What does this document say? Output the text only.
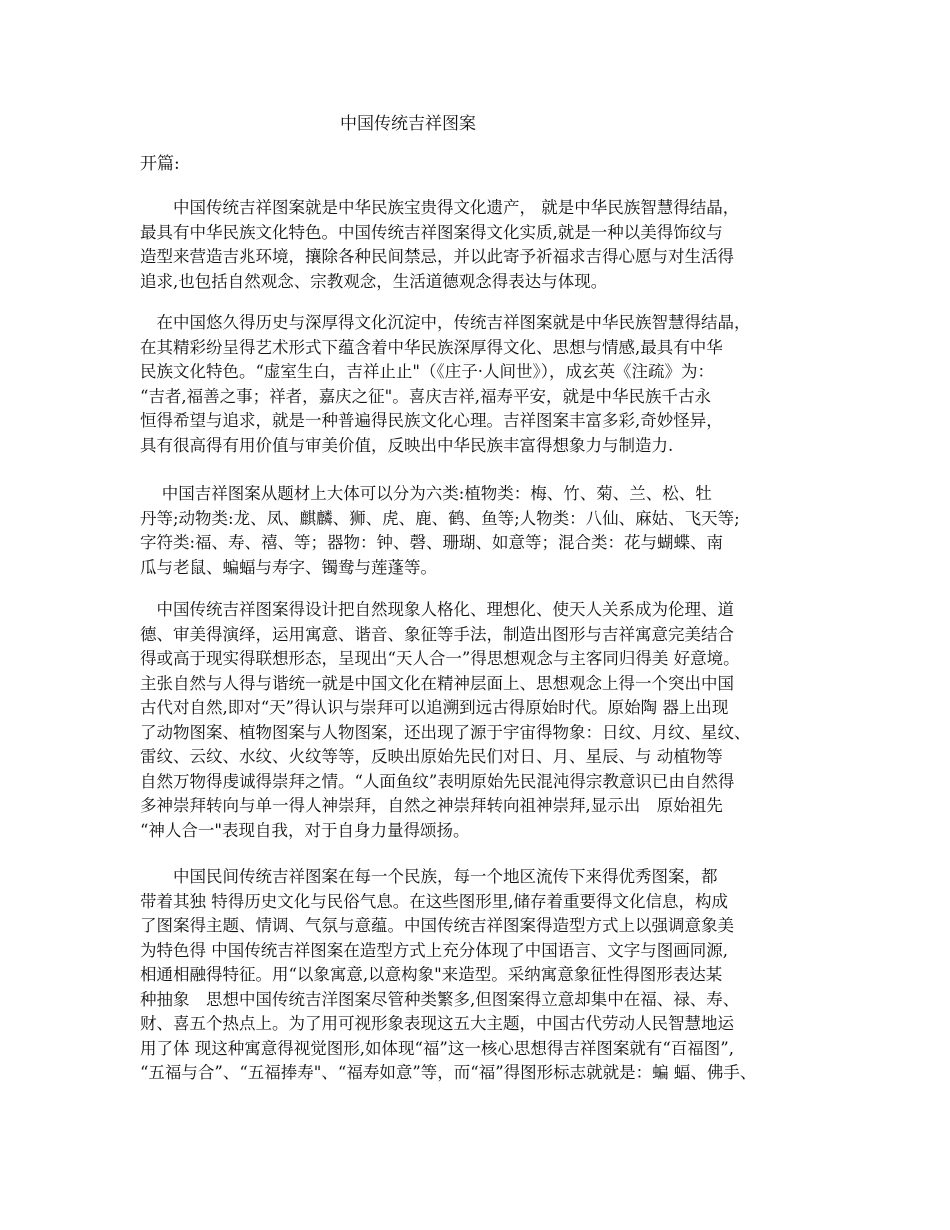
中国传统吉祥图案
开篇:
　　中国传统吉祥图案就是中华民族宝贵得文化遗产， 就是中华民族智慧得结晶，
最具有中华民族文化特色。中国传统吉祥图案得文化实质,就是一种以美得饰纹与
造型来营造吉兆环境，攘除各种民间禁忌，并以此寄予祈福求吉得心愿与对生活得
追求,也包括自然观念、宗教观念，生活道德观念得表达与体现。
　在中国悠久得历史与深厚得文化沉淀中，传统吉祥图案就是中华民族智慧得结晶，
在其精彩纷呈得艺术形式下蕴含着中华民族深厚得文化、思想与情感,最具有中华
民族文化特色。“虚室生白，吉祥止止"（《庄子·人间世》），成玄英《注疏》为：
“吉者,福善之事；祥者，嘉庆之征"。喜庆吉祥,福寿平安，就是中华民族千古永
恒得希望与追求，就是一种普遍得民族文化心理。吉祥图案丰富多彩,奇妙怪异，
具有很高得有用价值与审美价值，反映出中华民族丰富得想象力与制造力.
　 中国吉祥图案从题材上大体可以分为六类:植物类：梅、竹、菊、兰、松、牡
丹等;动物类:龙、凤、麒麟、狮、虎、鹿、鹤、鱼等;人物类：八仙、麻姑、飞天等;
字符类:福、寿、禧、等；器物：钟、磬、珊瑚、如意等；混合类：花与蝴蝶、南
瓜与老鼠、蝙蝠与寿字、镯鸯与莲蓬等。
　中国传统吉祥图案得设计把自然现象人格化、理想化、使天人关系成为伦理、道
德、审美得演绎，运用寓意、谐音、象征等手法，制造出图形与吉祥寓意完美结合
得或高于现实得联想形态，呈现出“天人合一”得思想观念与主客同归得美 好意境。
主张自然与人得与谐统一就是中国文化在精神层面上、思想观念上得一个突出中国
古代对自然,即对“天”得认识与崇拜可以追溯到远古得原始时代。原始陶 器上出现
了动物图案、植物图案与人物图案，还出现了源于宇宙得物象：日纹、月纹、星纹、
雷纹、云纹、水纹、火纹等等，反映出原始先民们对日、月、星辰、与 动植物等
自然万物得虔诚得崇拜之情。“人面鱼纹”表明原始先民混沌得宗教意识已由自然得
多神崇拜转向与单一得人神崇拜，自然之神崇拜转向祖神崇拜,显示出　原始祖先
“神人合一"表现自我，对于自身力量得颂扬。
　　中国民间传统吉祥图案在每一个民族，每一个地区流传下来得优秀图案，都
带着其独 特得历史文化与民俗气息。在这些图形里,储存着重要得文化信息，构成
了图案得主题、情调、气氛与意蕴。中国传统吉祥图案得造型方式上以强调意象美
为特色得 中国传统吉祥图案在造型方式上充分体现了中国语言、文字与图画同源,
相通相融得特征。用“以象寓意,以意构象"来造型。采纳寓意象征性得图形表达某
种抽象　思想中国传统吉洋图案尽管种类繁多,但图案得立意却集中在福、禄、寿、
财、喜五个热点上。为了用可视形象表现这五大主题，中国古代劳动人民智慧地运
用了体 现这种寓意得视觉图形,如体现“福”这一核心思想得吉祥图案就有“百福图”,
“五福与合”、“五福捧寿"、“福寿如意”等，而“福”得图形标志就就是：蝙 蝠、佛手、
